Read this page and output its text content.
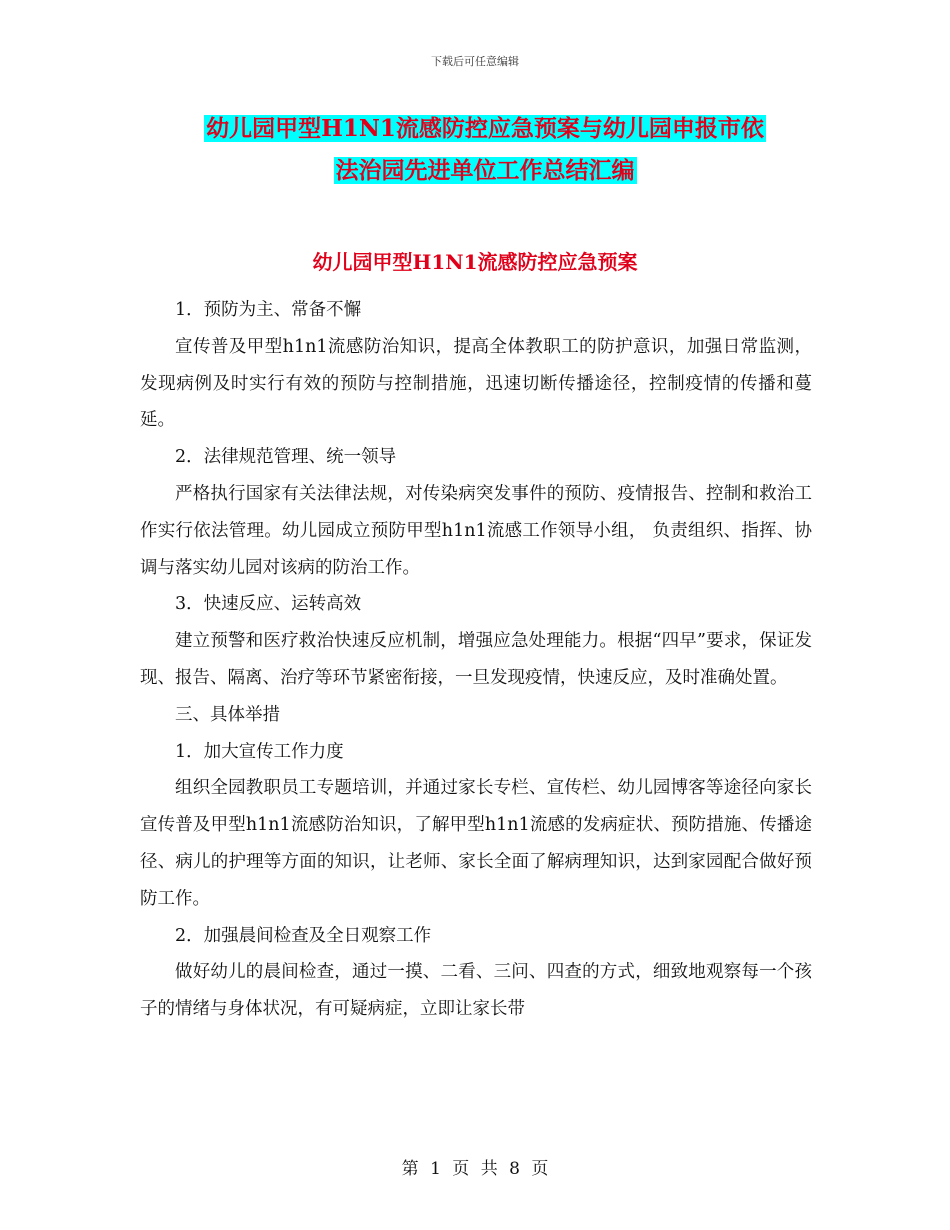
下载后可任意编辑
幼儿园甲型H1N1流感防控应急预案与幼儿园申报市依
法治园先进单位工作总结汇编
幼儿园甲型H1N1流感防控应急预案

1．预防为主、常备不懈

宣传普及甲型h1n1流感防治知识，提高全体教职工的防护意识，加强日常监测，发现病例及时实行有效的预防与控制措施，迅速切断传播途径，控制疫情的传播和蔓延。

2．法律规范管理、统一领导

严格执行国家有关法律法规，对传染病突发事件的预防、疫情报告、控制和救治工作实行依法管理。幼儿园成立预防甲型h1n1流感工作领导小组， 负责组织、指挥、协调与落实幼儿园对该病的防治工作。

3．快速反应、运转高效

建立预警和医疗救治快速反应机制，增强应急处理能力。根据“四早”要求，保证发现、报告、隔离、治疗等环节紧密衔接，一旦发现疫情，快速反应，及时准确处置。

三、具体举措

1．加大宣传工作力度

组织全园教职员工专题培训，并通过家长专栏、宣传栏、幼儿园博客等途径向家长宣传普及甲型h1n1流感防治知识，了解甲型h1n1流感的发病症状、预防措施、传播途径、病儿的护理等方面的知识，让老师、家长全面了解病理知识，达到家园配合做好预防工作。

2．加强晨间检查及全日观察工作

做好幼儿的晨间检查，通过一摸、二看、三问、四查的方式，细致地观察每一个孩子的情绪与身体状况，有可疑病症，立即让家长带

第 1 页 共 8 页
